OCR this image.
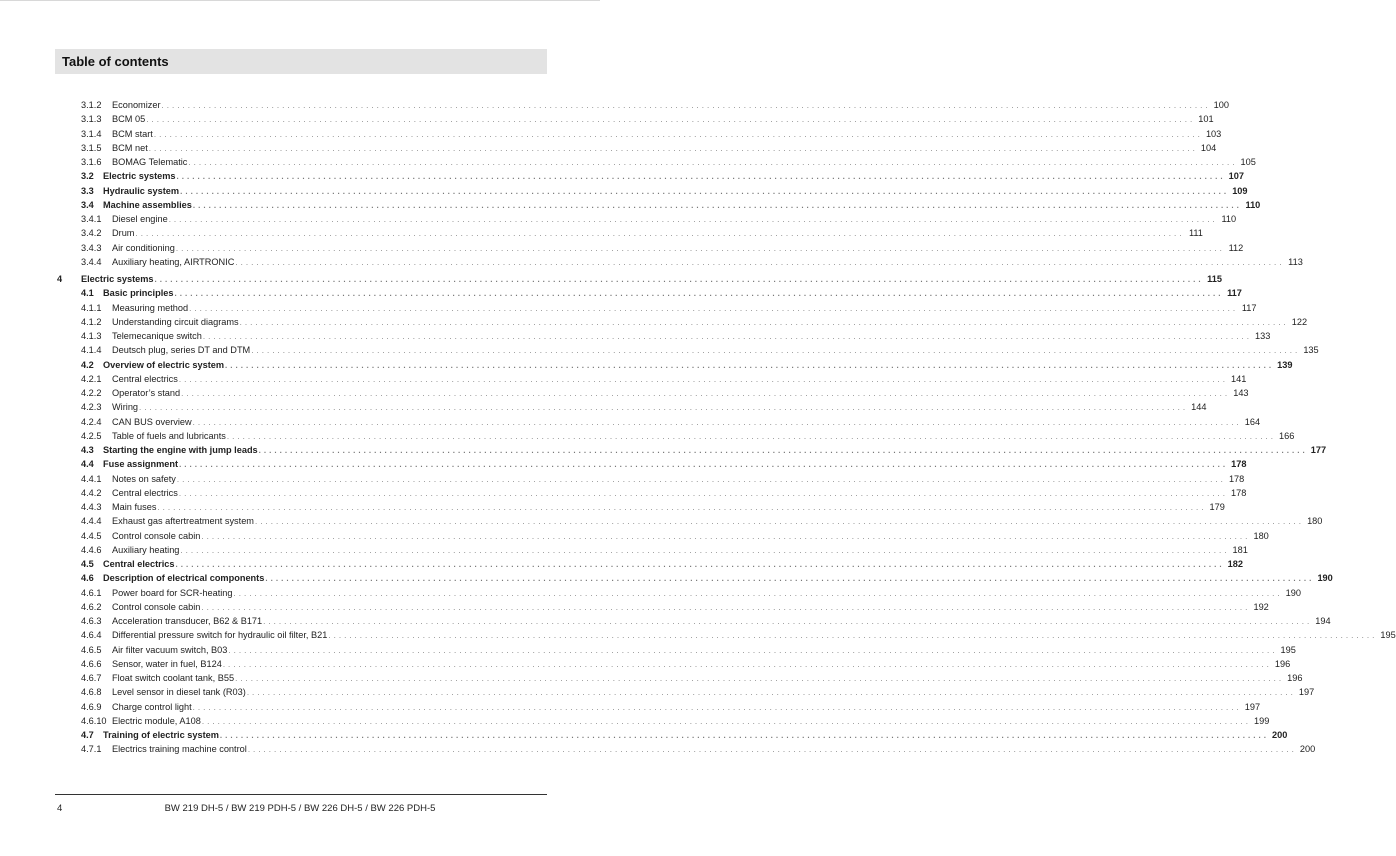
Table of contents
3.1.2 Economizer . . . . . . . . . . . . . . . . . . . . . . . . . . . . . . . . . . . . . . . . . . . . . . . . . . . . . . . . . . . . . . . . . . . . . . . . . . . . . . . . . . . . . . . . . . . . . . . . . . . . . . . . . . . . . . . . . . . . . . . . . . . . . . . . . . . . . . . . . . . . . . . . . . . . . . . . . . . . . . . . . . . . . . . . . . . . . . . . . . . . . . . . . . . . . . . . . . . . . . . . 100
3.1.3 BCM 05 . . . . . . . . . . . . . . . . . . . . . . . . . . . . . . . . . . . . . . . . . . . . . . . . . . . . . . . . . . . . . . . . . . . . . . . . . . . . . . . . . . . . . . . . . . . . . . . . . . . . . . . . . . . . . . . . . . . . . . . . . . . . . . . . . . . . . . . . . . . . . . . . . . . . . . . . . . . . . . . . . . . . . . . . . . . . . . . . . . . . . . . . . . . . . . . . . . . . . . . . 101
3.1.4 BCM start . . . . . . . . . . . . . . . . . . . . . . . . . . . . . . . . . . . . . . . . . . . . . . . . . . . . . . . . . . . . . . . . . . . . . . . . . . . . . . . . . . . . . . . . . . . . . . . . . . . . . . . . . . . . . . . . . . . . . . . . . . . . . . . . . . . . . . . . . . . . . . . . . . . . . . . . . . . . . . . . . . . . . . . . . . . . . . . . . . . . . . . . . . . . . . . . . . . . . . . . 103
3.1.5 BCM net . . . . . . . . . . . . . . . . . . . . . . . . . . . . . . . . . . . . . . . . . . . . . . . . . . . . . . . . . . . . . . . . . . . . . . . . . . . . . . . . . . . . . . . . . . . . . . . . . . . . . . . . . . . . . . . . . . . . . . . . . . . . . . . . . . . . . . . . . . . . . . . . . . . . . . . . . . . . . . . . . . . . . . . . . . . . . . . . . . . . . . . . . . . . . . . . . . . . . . . . 104
3.1.6 BOMAG Telematic . . . . . . . . . . . . . . . . . . . . . . . . . . . . . . . . . . . . . . . . . . . . . . . . . . . . . . . . . . . . . . . . . . . . . . . . . . . . . . . . . . . . . . . . . . . . . . . . . . . . . . . . . . . . . . . . . . . . . . . . . . . . . . . . . . . . . . . . . . . . . . . . . . . . . . . . . . . . . . . . . . . . . . . . . . . . . . . . . . . . . . . . . . . . . . . . . . . . . . . . 105
3.2 Electric systems . . . . . . . . . . . . . . . . . . . . . . . . . . . . . . . . . . . . . . . . . . . . . . . . . . . . . . . . . . . . . . . . . . . . . . . . . . . . . . . . . . . . . . . . . . . . . . . . . . . . . . . . . . . . . . . . . . . . . . . . . . . . . . . . . . . . . . . . . . . . . . . . . . . . . . . . . . . . . . . . . . . . . . . . . . . . . . . . . . . . . . . . . . . . . . . . . . . . . . . . 107
3.3 Hydraulic system . . . . . . . . . . . . . . . . . . . . . . . . . . . . . . . . . . . . . . . . . . . . . . . . . . . . . . . . . . . . . . . . . . . . . . . . . . . . . . . . . . . . . . . . . . . . . . . . . . . . . . . . . . . . . . . . . . . . . . . . . . . . . . . . . . . . . . . . . . . . . . . . . . . . . . . . . . . . . . . . . . . . . . . . . . . . . . . . . . . . . . . . . . . . . . . . . . . . . . . . 109
3.4 Machine assemblies . . . . . . . . . . . . . . . . . . . . . . . . . . . . . . . . . . . . . . . . . . . . . . . . . . . . . . . . . . . . . . . . . . . . . . . . . . . . . . . . . . . . . . . . . . . . . . . . . . . . . . . . . . . . . . . . . . . . . . . . . . . . . . . . . . . . . . . . . . . . . . . . . . . . . . . . . . . . . . . . . . . . . . . . . . . . . . . . . . . . . . . . . . . . . . . . . . . . . . . . 110
3.4.1 Diesel engine . . . . . . . . . . . . . . . . . . . . . . . . . . . . . . . . . . . . . . . . . . . . . . . . . . . . . . . . . . . . . . . . . . . . . . . . . . . . . . . . . . . . . . . . . . . . . . . . . . . . . . . . . . . . . . . . . . . . . . . . . . . . . . . . . . . . . . . . . . . . . . . . . . . . . . . . . . . . . . . . . . . . . . . . . . . . . . . . . . . . . . . . . . . . . . . . . . . . . . . . 110
3.4.2 Drum . . . . . . . . . . . . . . . . . . . . . . . . . . . . . . . . . . . . . . . . . . . . . . . . . . . . . . . . . . . . . . . . . . . . . . . . . . . . . . . . . . . . . . . . . . . . . . . . . . . . . . . . . . . . . . . . . . . . . . . . . . . . . . . . . . . . . . . . . . . . . . . . . . . . . . . . . . . . . . . . . . . . . . . . . . . . . . . . . . . . . . . . . . . . . . . . . . . . . . . . 111
3.4.3 Air conditioning . . . . . . . . . . . . . . . . . . . . . . . . . . . . . . . . . . . . . . . . . . . . . . . . . . . . . . . . . . . . . . . . . . . . . . . . . . . . . . . . . . . . . . . . . . . . . . . . . . . . . . . . . . . . . . . . . . . . . . . . . . . . . . . . . . . . . . . . . . . . . . . . . . . . . . . . . . . . . . . . . . . . . . . . . . . . . . . . . . . . . . . . . . . . . . . . . . . . . . . . 112
3.4.4 Auxiliary heating, AIRTRONIC . . . . . . . . . . . . . . . . . . . . . . . . . . . . . . . . . . . . . . . . . . . . . . . . . . . . . . . . . . . . . . . . . . . . . . . . . . . . . . . . . . . . . . . . . . . . . . . . . . . . . . . . . . . . . . . . . . . . . . . . . . . . . . . . . . . . . . . . . . . . . . . . . . . . . . . . . . . . . . . . . . . . . . . . . . . . . . . . . . . . . . . . . . . . . . . . . . . . . . . . 113
4 Electric systems . . . . . . . . . . . . . . . . . . . . . . . . . . . . . . . . . . . . . . . . . . . . . . . . . . . . . . . . . . . . . . . . . . . . . . . . . . . . . . . . . . . . . . . . . . . . . . . . . . . . . . . . . . . . . . . . . . . . . . . . . . . . . . . . . . . . . . . . . . . . . . . . . . . . . . . . . . . . . . . . . . . . . . . . . . . . . . . . . . . . . . . . . . . . . . . . . . . . . . . . 115
4.1 Basic principles . . . . . . . . . . . . . . . . . . . . . . . . . . . . . . . . . . . . . . . . . . . . . . . . . . . . . . . . . . . . . . . . . . . . . . . . . . . . . . . . . . . . . . . . . . . . . . . . . . . . . . . . . . . . . . . . . . . . . . . . . . . . . . . . . . . . . . . . . . . . . . . . . . . . . . . . . . . . . . . . . . . . . . . . . . . . . . . . . . . . . . . . . . . . . . . . . . . . . . . . 117
4.1.1 Measuring method . . . . . . . . . . . . . . . . . . . . . . . . . . . . . . . . . . . . . . . . . . . . . . . . . . . . . . . . . . . . . . . . . . . . . . . . . . . . . . . . . . . . . . . . . . . . . . . . . . . . . . . . . . . . . . . . . . . . . . . . . . . . . . . . . . . . . . . . . . . . . . . . . . . . . . . . . . . . . . . . . . . . . . . . . . . . . . . . . . . . . . . . . . . . . . . . . . . . . . . . 117
4.1.2 Understanding circuit diagrams . . . . . . . . . . . . . . . . . . . . . . . . . . . . . . . . . . . . . . . . . . . . . . . . . . . . . . . . . . . . . . . . . . . . . . . . . . . . . . . . . . . . . . . . . . . . . . . . . . . . . . . . . . . . . . . . . . . . . . . . . . . . . . . . . . . . . . . . . . . . . . . . . . . . . . . . . . . . . . . . . . . . . . . . . . . . . . . . . . . . . . . . . . . . . . . . . . . . . . . . 122
4.1.3 Telemecanique switch . . . . . . . . . . . . . . . . . . . . . . . . . . . . . . . . . . . . . . . . . . . . . . . . . . . . . . . . . . . . . . . . . . . . . . . . . . . . . . . . . . . . . . . . . . . . . . . . . . . . . . . . . . . . . . . . . . . . . . . . . . . . . . . . . . . . . . . . . . . . . . . . . . . . . . . . . . . . . . . . . . . . . . . . . . . . . . . . . . . . . . . . . . . . . . . . . . . . . . . . 133
4.1.4 Deutsch plug, series DT and DTM . . . . . . . . . . . . . . . . . . . . . . . . . . . . . . . . . . . . . . . . . . . . . . . . . . . . . . . . . . . . . . . . . . . . . . . . . . . . . . . . . . . . . . . . . . . . . . . . . . . . . . . . . . . . . . . . . . . . . . . . . . . . . . . . . . . . . . . . . . . . . . . . . . . . . . . . . . . . . . . . . . . . . . . . . . . . . . . . . . . . . . . . . . . . . . . . . . . . . . . . 135
4.2 Overview of electric system . . . . . . . . . . . . . . . . . . . . . . . . . . . . . . . . . . . . . . . . . . . . . . . . . . . . . . . . . . . . . . . . . . . . . . . . . . . . . . . . . . . . . . . . . . . . . . . . . . . . . . . . . . . . . . . . . . . . . . . . . . . . . . . . . . . . . . . . . . . . . . . . . . . . . . . . . . . . . . . . . . . . . . . . . . . . . . . . . . . . . . . . . . . . . . . . . . . . . . . . 139
4.2.1 Central electrics . . . . . . . . . . . . . . . . . . . . . . . . . . . . . . . . . . . . . . . . . . . . . . . . . . . . . . . . . . . . . . . . . . . . . . . . . . . . . . . . . . . . . . . . . . . . . . . . . . . . . . . . . . . . . . . . . . . . . . . . . . . . . . . . . . . . . . . . . . . . . . . . . . . . . . . . . . . . . . . . . . . . . . . . . . . . . . . . . . . . . . . . . . . . . . . . . . . . . . . . 141
4.2.2 Operator’s stand . . . . . . . . . . . . . . . . . . . . . . . . . . . . . . . . . . . . . . . . . . . . . . . . . . . . . . . . . . . . . . . . . . . . . . . . . . . . . . . . . . . . . . . . . . . . . . . . . . . . . . . . . . . . . . . . . . . . . . . . . . . . . . . . . . . . . . . . . . . . . . . . . . . . . . . . . . . . . . . . . . . . . . . . . . . . . . . . . . . . . . . . . . . . . . . . . . . . . . . . 143
4.2.3 Wiring . . . . . . . . . . . . . . . . . . . . . . . . . . . . . . . . . . . . . . . . . . . . . . . . . . . . . . . . . . . . . . . . . . . . . . . . . . . . . . . . . . . . . . . . . . . . . . . . . . . . . . . . . . . . . . . . . . . . . . . . . . . . . . . . . . . . . . . . . . . . . . . . . . . . . . . . . . . . . . . . . . . . . . . . . . . . . . . . . . . . . . . . . . . . . . . . . . . . . . . . 144
4.2.4 CAN BUS overview . . . . . . . . . . . . . . . . . . . . . . . . . . . . . . . . . . . . . . . . . . . . . . . . . . . . . . . . . . . . . . . . . . . . . . . . . . . . . . . . . . . . . . . . . . . . . . . . . . . . . . . . . . . . . . . . . . . . . . . . . . . . . . . . . . . . . . . . . . . . . . . . . . . . . . . . . . . . . . . . . . . . . . . . . . . . . . . . . . . . . . . . . . . . . . . . . . . . . . . . 164
4.2.5 Table of fuels and lubricants . . . . . . . . . . . . . . . . . . . . . . . . . . . . . . . . . . . . . . . . . . . . . . . . . . . . . . . . . . . . . . . . . . . . . . . . . . . . . . . . . . . . . . . . . . . . . . . . . . . . . . . . . . . . . . . . . . . . . . . . . . . . . . . . . . . . . . . . . . . . . . . . . . . . . . . . . . . . . . . . . . . . . . . . . . . . . . . . . . . . . . . . . . . . . . . . . . . . . . . . 166
4.3 Starting the engine with jump leads . . . . . . . . . . . . . . . . . . . . . . . . . . . . . . . . . . . . . . . . . . . . . . . . . . . . . . . . . . . . . . . . . . . . . . . . . . . . . . . . . . . . . . . . . . . . . . . . . . . . . . . . . . . . . . . . . . . . . . . . . . . . . . . . . . . . . . . . . . . . . . . . . . . . . . . . . . . . . . . . . . . . . . . . . . . . . . . . . . . . . . . . . . . . . . . . . . . . . . . . 177
4.4 Fuse assignment . . . . . . . . . . . . . . . . . . . . . . . . . . . . . . . . . . . . . . . . . . . . . . . . . . . . . . . . . . . . . . . . . . . . . . . . . . . . . . . . . . . . . . . . . . . . . . . . . . . . . . . . . . . . . . . . . . . . . . . . . . . . . . . . . . . . . . . . . . . . . . . . . . . . . . . . . . . . . . . . . . . . . . . . . . . . . . . . . . . . . . . . . . . . . . . . . . . . . . . . 178
4.4.1 Notes on safety . . . . . . . . . . . . . . . . . . . . . . . . . . . . . . . . . . . . . . . . . . . . . . . . . . . . . . . . . . . . . . . . . . . . . . . . . . . . . . . . . . . . . . . . . . . . . . . . . . . . . . . . . . . . . . . . . . . . . . . . . . . . . . . . . . . . . . . . . . . . . . . . . . . . . . . . . . . . . . . . . . . . . . . . . . . . . . . . . . . . . . . . . . . . . . . . . . . . . . . . 178
4.4.2 Central electrics . . . . . . . . . . . . . . . . . . . . . . . . . . . . . . . . . . . . . . . . . . . . . . . . . . . . . . . . . . . . . . . . . . . . . . . . . . . . . . . . . . . . . . . . . . . . . . . . . . . . . . . . . . . . . . . . . . . . . . . . . . . . . . . . . . . . . . . . . . . . . . . . . . . . . . . . . . . . . . . . . . . . . . . . . . . . . . . . . . . . . . . . . . . . . . . . . . . . . . . . 178
4.4.3 Main fuses . . . . . . . . . . . . . . . . . . . . . . . . . . . . . . . . . . . . . . . . . . . . . . . . . . . . . . . . . . . . . . . . . . . . . . . . . . . . . . . . . . . . . . . . . . . . . . . . . . . . . . . . . . . . . . . . . . . . . . . . . . . . . . . . . . . . . . . . . . . . . . . . . . . . . . . . . . . . . . . . . . . . . . . . . . . . . . . . . . . . . . . . . . . . . . . . . . . . . . . . 179
4.4.4 Exhaust gas aftertreatment system . . . . . . . . . . . . . . . . . . . . . . . . . . . . . . . . . . . . . . . . . . . . . . . . . . . . . . . . . . . . . . . . . . . . . . . . . . . . . . . . . . . . . . . . . . . . . . . . . . . . . . . . . . . . . . . . . . . . . . . . . . . . . . . . . . . . . . . . . . . . . . . . . . . . . . . . . . . . . . . . . . . . . . . . . . . . . . . . . . . . . . . . . . . . . . . . . . . . . . . . 180
4.4.5 Control console cabin . . . . . . . . . . . . . . . . . . . . . . . . . . . . . . . . . . . . . . . . . . . . . . . . . . . . . . . . . . . . . . . . . . . . . . . . . . . . . . . . . . . . . . . . . . . . . . . . . . . . . . . . . . . . . . . . . . . . . . . . . . . . . . . . . . . . . . . . . . . . . . . . . . . . . . . . . . . . . . . . . . . . . . . . . . . . . . . . . . . . . . . . . . . . . . . . . . . . . . . . 180
4.4.6 Auxiliary heating . . . . . . . . . . . . . . . . . . . . . . . . . . . . . . . . . . . . . . . . . . . . . . . . . . . . . . . . . . . . . . . . . . . . . . . . . . . . . . . . . . . . . . . . . . . . . . . . . . . . . . . . . . . . . . . . . . . . . . . . . . . . . . . . . . . . . . . . . . . . . . . . . . . . . . . . . . . . . . . . . . . . . . . . . . . . . . . . . . . . . . . . . . . . . . . . . . . . . . . . 181
4.5 Central electrics . . . . . . . . . . . . . . . . . . . . . . . . . . . . . . . . . . . . . . . . . . . . . . . . . . . . . . . . . . . . . . . . . . . . . . . . . . . . . . . . . . . . . . . . . . . . . . . . . . . . . . . . . . . . . . . . . . . . . . . . . . . . . . . . . . . . . . . . . . . . . . . . . . . . . . . . . . . . . . . . . . . . . . . . . . . . . . . . . . . . . . . . . . . . . . . . . . . . . . . . 182
4.6 Description of electrical components . . . . . . . . . . . . . . . . . . . . . . . . . . . . . . . . . . . . . . . . . . . . . . . . . . . . . . . . . . . . . . . . . . . . . . . . . . . . . . . . . . . . . . . . . . . . . . . . . . . . . . . . . . . . . . . . . . . . . . . . . . . . . . . . . . . . . . . . . . . . . . . . . . . . . . . . . . . . . . . . . . . . . . . . . . . . . . . . . . . . . . . . . . . . . . . . . . . . . . . . 190
4.6.1 Power board for SCR-heating . . . . . . . . . . . . . . . . . . . . . . . . . . . . . . . . . . . . . . . . . . . . . . . . . . . . . . . . . . . . . . . . . . . . . . . . . . . . . . . . . . . . . . . . . . . . . . . . . . . . . . . . . . . . . . . . . . . . . . . . . . . . . . . . . . . . . . . . . . . . . . . . . . . . . . . . . . . . . . . . . . . . . . . . . . . . . . . . . . . . . . . . . . . . . . . . . . . . . . . . 190
4.6.2 Control console cabin . . . . . . . . . . . . . . . . . . . . . . . . . . . . . . . . . . . . . . . . . . . . . . . . . . . . . . . . . . . . . . . . . . . . . . . . . . . . . . . . . . . . . . . . . . . . . . . . . . . . . . . . . . . . . . . . . . . . . . . . . . . . . . . . . . . . . . . . . . . . . . . . . . . . . . . . . . . . . . . . . . . . . . . . . . . . . . . . . . . . . . . . . . . . . . . . . . . . . . . . 192
4.6.3 Acceleration transducer, B62 & B171 . . . . . . . . . . . . . . . . . . . . . . . . . . . . . . . . . . . . . . . . . . . . . . . . . . . . . . . . . . . . . . . . . . . . . . . . . . . . . . . . . . . . . . . . . . . . . . . . . . . . . . . . . . . . . . . . . . . . . . . . . . . . . . . . . . . . . . . . . . . . . . . . . . . . . . . . . . . . . . . . . . . . . . . . . . . . . . . . . . . . . . . . . . . . . . . . . . . . . . . . 194
4.6.4 Differential pressure switch for hydraulic oil filter, B21 . . . . . . . . . . . . . . . . . . . . . . . . . . . . . . . . . . . . . . . . . . . . . . . . . . . . . . . . . . . . . . . . . . . . . . . . . . . . . . . . . . . . . . . . . . . . . . . . . . . . . . . . . . . . . . . . . . . . . . . . . . . . . . . . . . . . . . . . . . . . . . . . . . . . . . . . . . . . . . . . . . . . . . . . . . . . . . . . . . . . . . . . . . . . . . . . . . . . . . . . 195
4.6.5 Air filter vacuum switch, B03 . . . . . . . . . . . . . . . . . . . . . . . . . . . . . . . . . . . . . . . . . . . . . . . . . . . . . . . . . . . . . . . . . . . . . . . . . . . . . . . . . . . . . . . . . . . . . . . . . . . . . . . . . . . . . . . . . . . . . . . . . . . . . . . . . . . . . . . . . . . . . . . . . . . . . . . . . . . . . . . . . . . . . . . . . . . . . . . . . . . . . . . . . . . . . . . . . . . . . . . . 195
4.6.6 Sensor, water in fuel, B124 . . . . . . . . . . . . . . . . . . . . . . . . . . . . . . . . . . . . . . . . . . . . . . . . . . . . . . . . . . . . . . . . . . . . . . . . . . . . . . . . . . . . . . . . . . . . . . . . . . . . . . . . . . . . . . . . . . . . . . . . . . . . . . . . . . . . . . . . . . . . . . . . . . . . . . . . . . . . . . . . . . . . . . . . . . . . . . . . . . . . . . . . . . . . . . . . . . . . . . . . 196
4.6.7 Float switch coolant tank, B55 . . . . . . . . . . . . . . . . . . . . . . . . . . . . . . . . . . . . . . . . . . . . . . . . . . . . . . . . . . . . . . . . . . . . . . . . . . . . . . . . . . . . . . . . . . . . . . . . . . . . . . . . . . . . . . . . . . . . . . . . . . . . . . . . . . . . . . . . . . . . . . . . . . . . . . . . . . . . . . . . . . . . . . . . . . . . . . . . . . . . . . . . . . . . . . . . . . . . . . . . 196
4.6.8 Level sensor in diesel tank (R03) . . . . . . . . . . . . . . . . . . . . . . . . . . . . . . . . . . . . . . . . . . . . . . . . . . . . . . . . . . . . . . . . . . . . . . . . . . . . . . . . . . . . . . . . . . . . . . . . . . . . . . . . . . . . . . . . . . . . . . . . . . . . . . . . . . . . . . . . . . . . . . . . . . . . . . . . . . . . . . . . . . . . . . . . . . . . . . . . . . . . . . . . . . . . . . . . . . . . . . . . 197
4.6.9 Charge control light . . . . . . . . . . . . . . . . . . . . . . . . . . . . . . . . . . . . . . . . . . . . . . . . . . . . . . . . . . . . . . . . . . . . . . . . . . . . . . . . . . . . . . . . . . . . . . . . . . . . . . . . . . . . . . . . . . . . . . . . . . . . . . . . . . . . . . . . . . . . . . . . . . . . . . . . . . . . . . . . . . . . . . . . . . . . . . . . . . . . . . . . . . . . . . . . . . . . . . . . 197
4.6.10 Electric module, A108 . . . . . . . . . . . . . . . . . . . . . . . . . . . . . . . . . . . . . . . . . . . . . . . . . . . . . . . . . . . . . . . . . . . . . . . . . . . . . . . . . . . . . . . . . . . . . . . . . . . . . . . . . . . . . . . . . . . . . . . . . . . . . . . . . . . . . . . . . . . . . . . . . . . . . . . . . . . . . . . . . . . . . . . . . . . . . . . . . . . . . . . . . . . . . . . . . . . . . . . . 199
4.7 Training of electric system . . . . . . . . . . . . . . . . . . . . . . . . . . . . . . . . . . . . . . . . . . . . . . . . . . . . . . . . . . . . . . . . . . . . . . . . . . . . . . . . . . . . . . . . . . . . . . . . . . . . . . . . . . . . . . . . . . . . . . . . . . . . . . . . . . . . . . . . . . . . . . . . . . . . . . . . . . . . . . . . . . . . . . . . . . . . . . . . . . . . . . . . . . . . . . . . . . . . . . . . 200
4.7.1 Electrics training machine control . . . . . . . . . . . . . . . . . . . . . . . . . . . . . . . . . . . . . . . . . . . . . . . . . . . . . . . . . . . . . . . . . . . . . . . . . . . . . . . . . . . . . . . . . . . . . . . . . . . . . . . . . . . . . . . . . . . . . . . . . . . . . . . . . . . . . . . . . . . . . . . . . . . . . . . . . . . . . . . . . . . . . . . . . . . . . . . . . . . . . . . . . . . . . . . . . . . . . . . . 200
4	BW 219 DH-5 / BW 219 PDH-5 / BW 226 DH-5 / BW 226 PDH-5
